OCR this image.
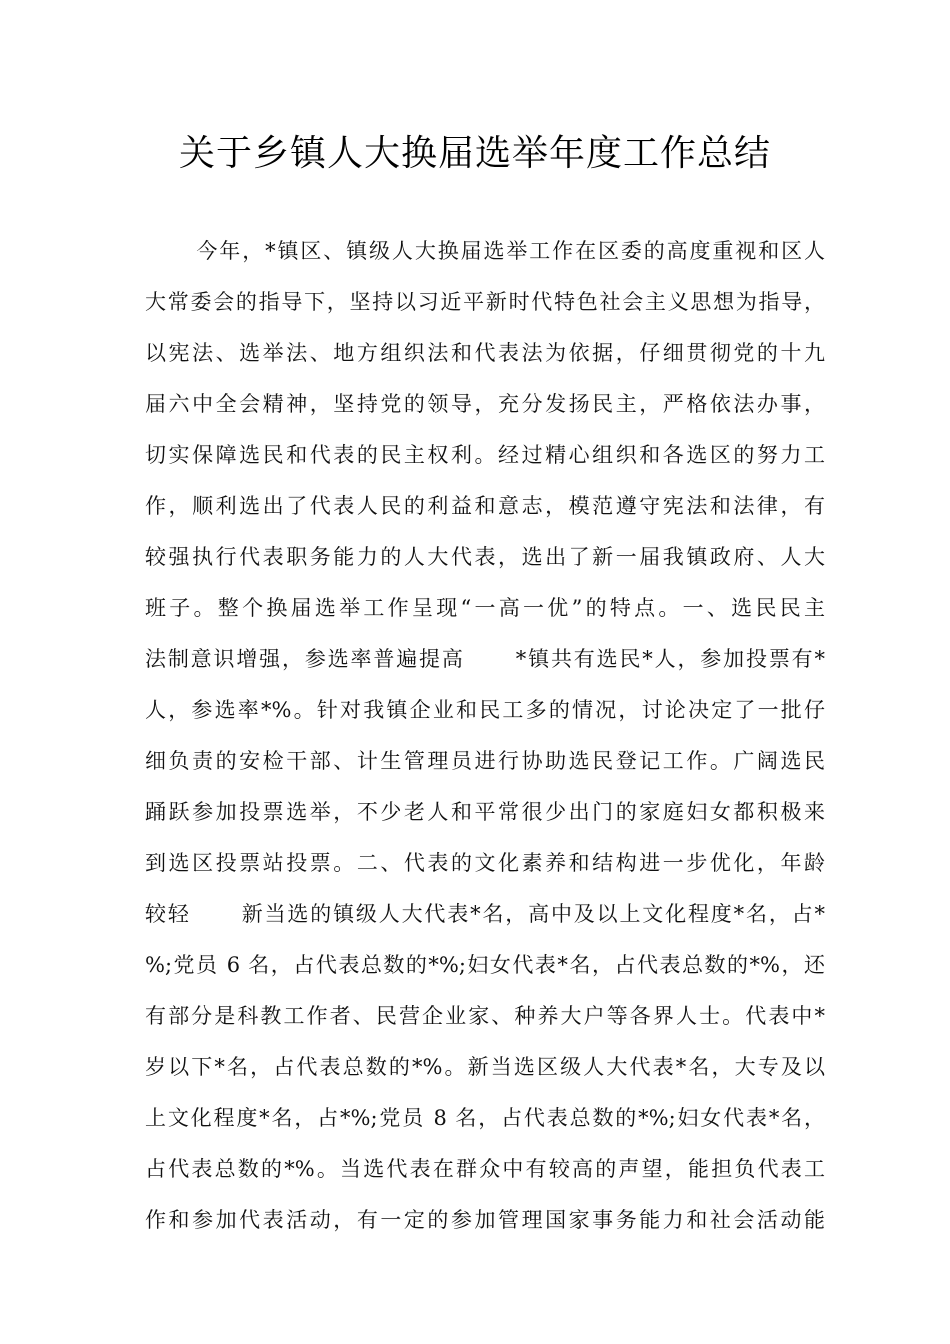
关于乡镇人大换届选举年度工作总结
今年，*镇区、镇级人大换届选举工作在区委的高度重视和区人
大常委会的指导下，坚持以习近平新时代特色社会主义思想为指导，
以宪法、选举法、地方组织法和代表法为依据，仔细贯彻党的十九
届六中全会精神，坚持党的领导，充分发扬民主，严格依法办事，
切实保障选民和代表的民主权利。经过精心组织和各选区的努力工
作，顺利选出了代表人民的利益和意志，模范遵守宪法和法律，有
较强执行代表职务能力的人大代表，选出了新一届我镇政府、人大
班子。整个换届选举工作呈现“一高一优”的特点。一、选民民主
法制意识增强，参选率普遍提高      *镇共有选民*人，参加投票有*
人，参选率*%。针对我镇企业和民工多的情况，讨论决定了一批仔
细负责的安检干部、计生管理员进行协助选民登记工作。广阔选民
踊跃参加投票选举，不少老人和平常很少出门的家庭妇女都积极来
到选区投票站投票。二、代表的文化素养和结构进一步优化，年龄
较轻      新当选的镇级人大代表*名，高中及以上文化程度*名，占*
%;党员 6 名，占代表总数的*%;妇女代表*名，占代表总数的*%，还
有部分是科教工作者、民营企业家、种养大户等各界人士。代表中*
岁以下*名，占代表总数的*%。新当选区级人大代表*名，大专及以
上文化程度*名，占*%;党员 8 名，占代表总数的*%;妇女代表*名，
占代表总数的*%。当选代表在群众中有较高的声望，能担负代表工
作和参加代表活动，有一定的参加管理国家事务能力和社会活动能
